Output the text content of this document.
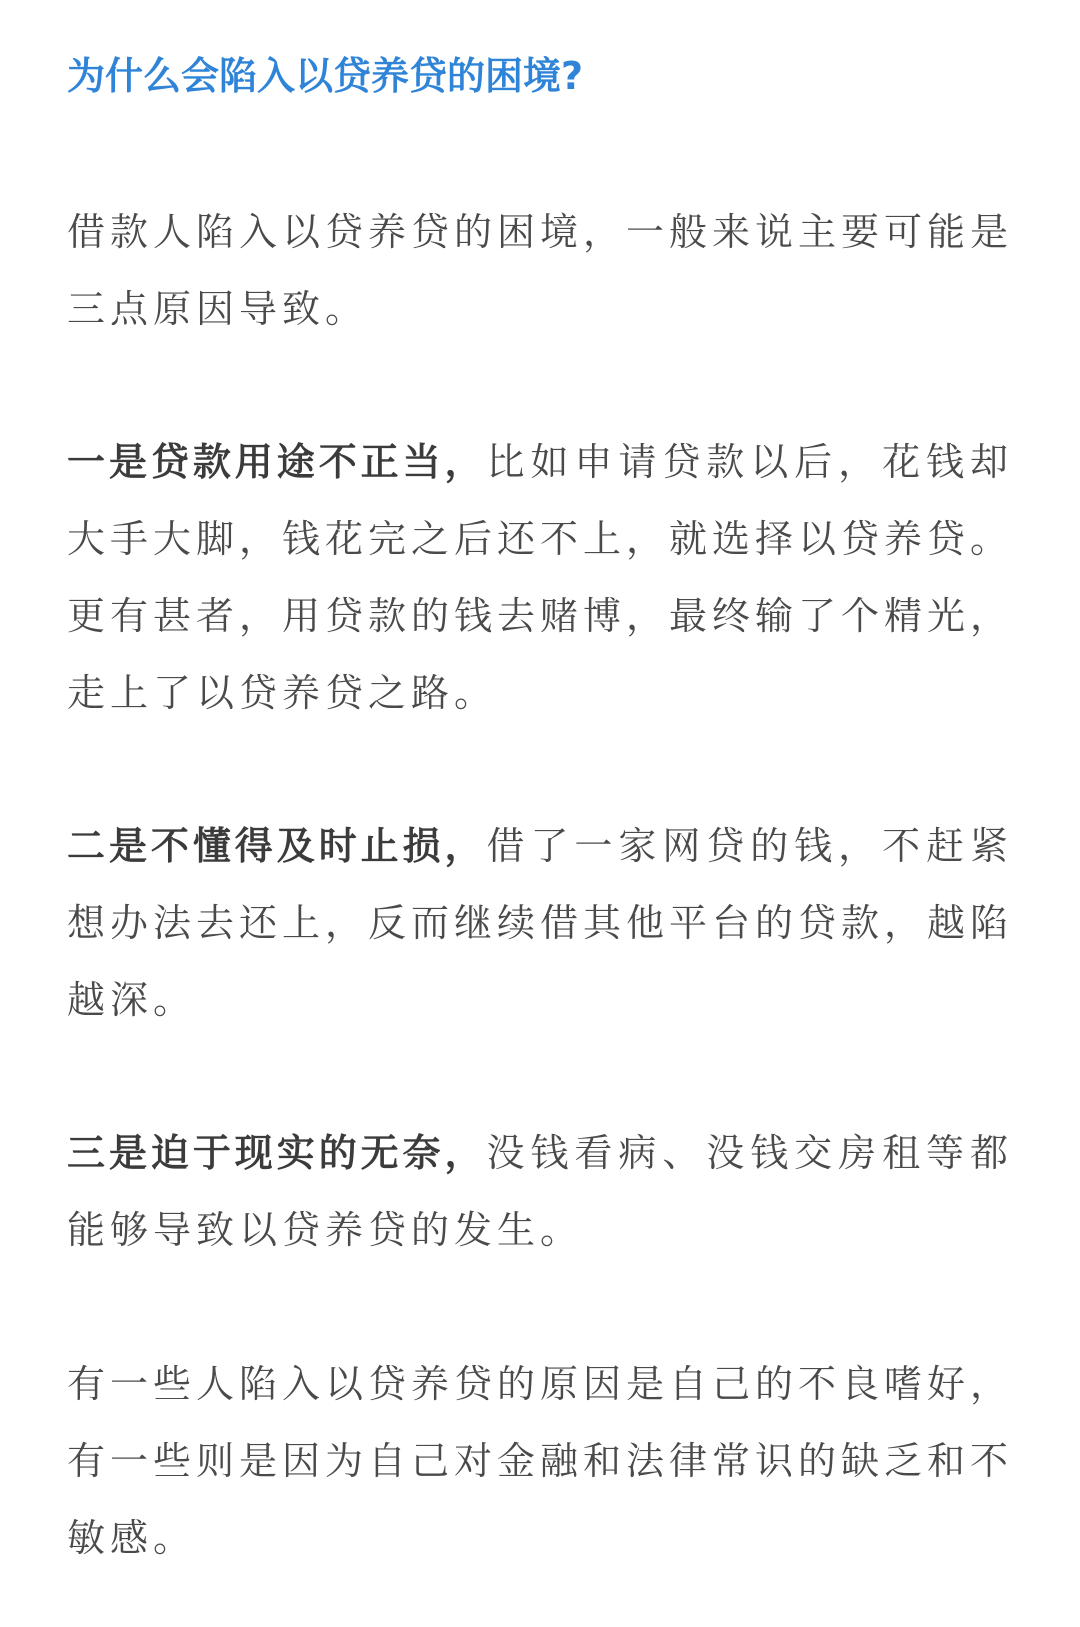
为什么会陷入以贷养贷的困境?

借款人陷入以贷养贷的困境，一般来说主要可能是三点原因导致。

一是贷款用途不正当，比如申请贷款以后，花钱却大手大脚，钱花完之后还不上，就选择以贷养贷。更有甚者，用贷款的钱去赌博，最终输了个精光，走上了以贷养贷之路。

二是不懂得及时止损，借了一家网贷的钱，不赶紧想办法去还上，反而继续借其他平台的贷款，越陷越深。

三是迫于现实的无奈，没钱看病、没钱交房租等都能够导致以贷养贷的发生。

有一些人陷入以贷养贷的原因是自己的不良嗜好，有一些则是因为自己对金融和法律常识的缺乏和不敏感。
